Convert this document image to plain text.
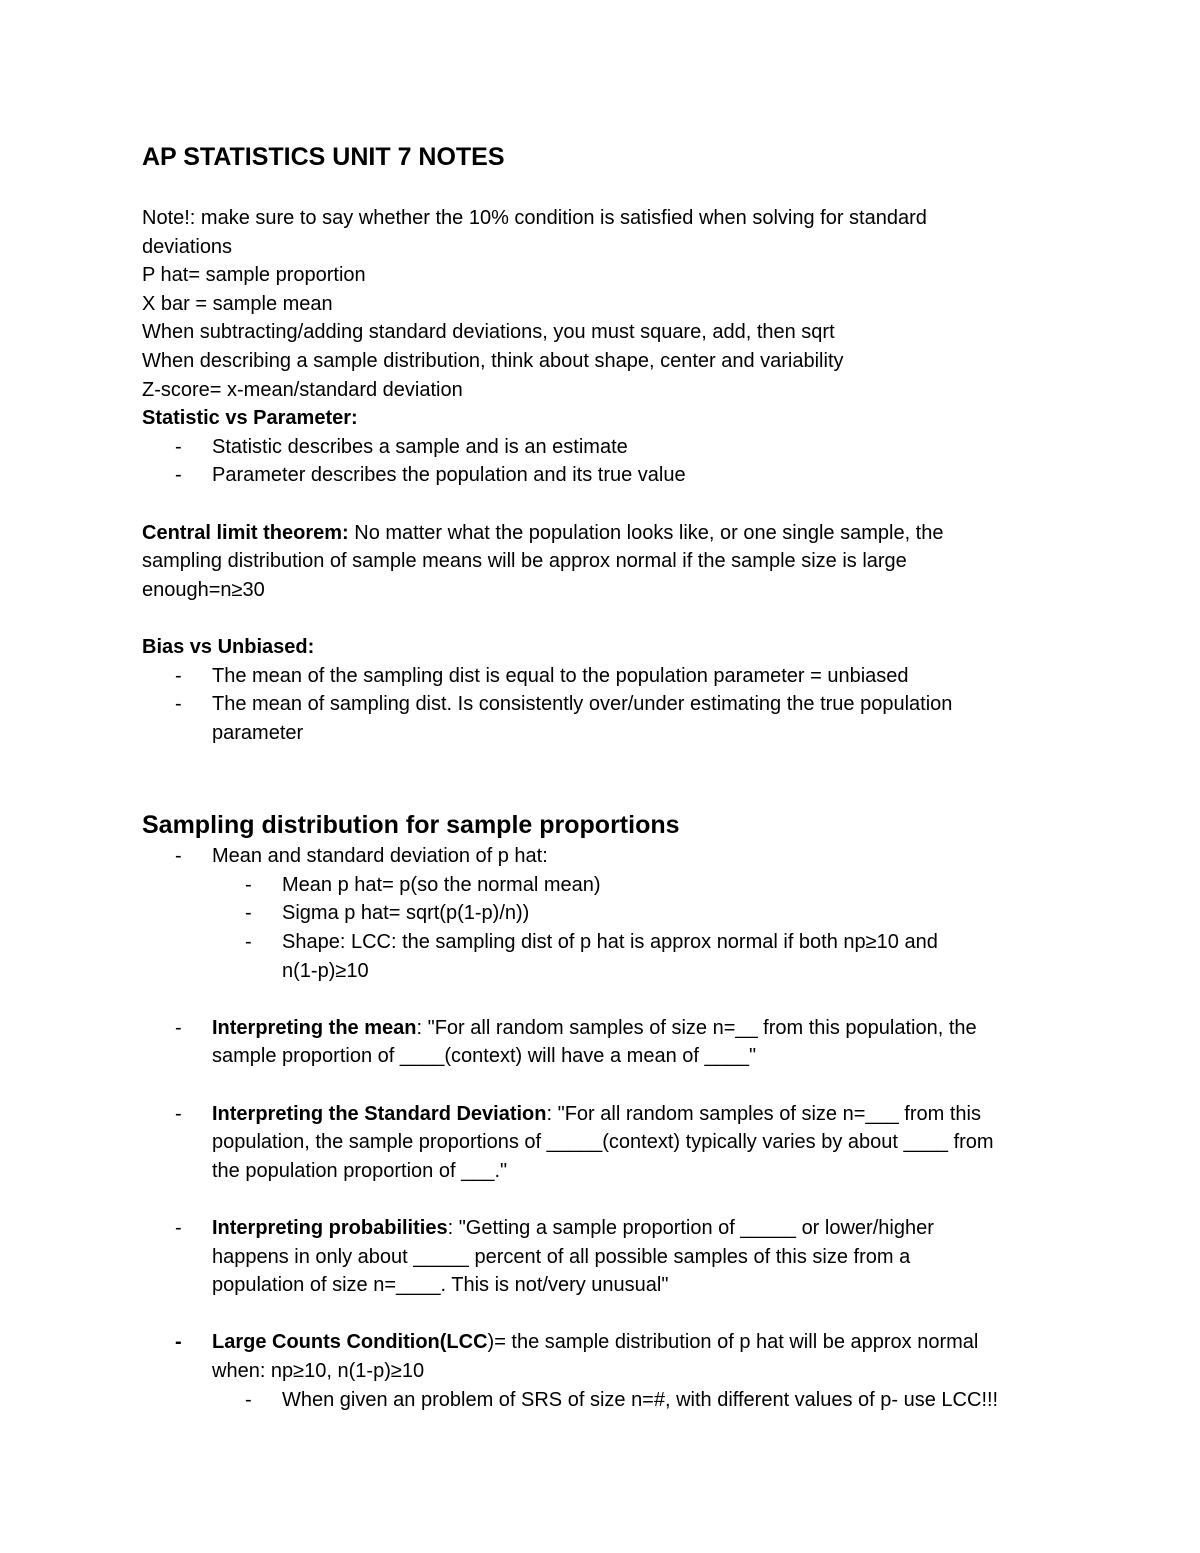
AP STATISTICS UNIT 7 NOTES

Note!: make sure to say whether the 10% condition is satisfied when solving for standard

deviations

P hat= sample proportion

X bar = sample mean

When subtracting/adding standard deviations, you must square, add, then sqrt

When describing a sample distribution, think about shape, center and variability

Z-score= x-mean/standard deviation

Statistic vs Parameter:

- Statistic describes a sample and is an estimate
- Parameter describes the population and its true value

Central limit theorem: No matter what the population looks like, or one single sample, the

sampling distribution of sample means will be approx normal if the sample size is large

enough=n≥30

Bias vs Unbiased:

- The mean of the sampling dist is equal to the population parameter = unbiased
- The mean of sampling dist. Is consistently over/under estimating the true population
parameter
Sampling distribution for sample proportions
- Mean and standard deviation of p hat:
- Mean p hat= p(so the normal mean)
- Sigma p hat= sqrt(p(1-p)/n))
- Shape: LCC: the sampling dist of p hat is approx normal if both np≥10 and
n(1-p)≥10
- Interpreting the mean: "For all random samples of size n=__ from this population, the
sample proportion of ____(context) will have a mean of ____"
- Interpreting the Standard Deviation: "For all random samples of size n=___ from this
population, the sample proportions of _____(context) typically varies by about ____ from
the population proportion of ___."
- Interpreting probabilities: "Getting a sample proportion of _____ or lower/higher
happens in only about _____ percent of all possible samples of this size from a
population of size n=____. This is not/very unusual"
- Large Counts Condition(LCC)= the sample distribution of p hat will be approx normal
when: np≥10, n(1-p)≥10
- When given an problem of SRS of size n=#, with different values of p- use LCC!!!
